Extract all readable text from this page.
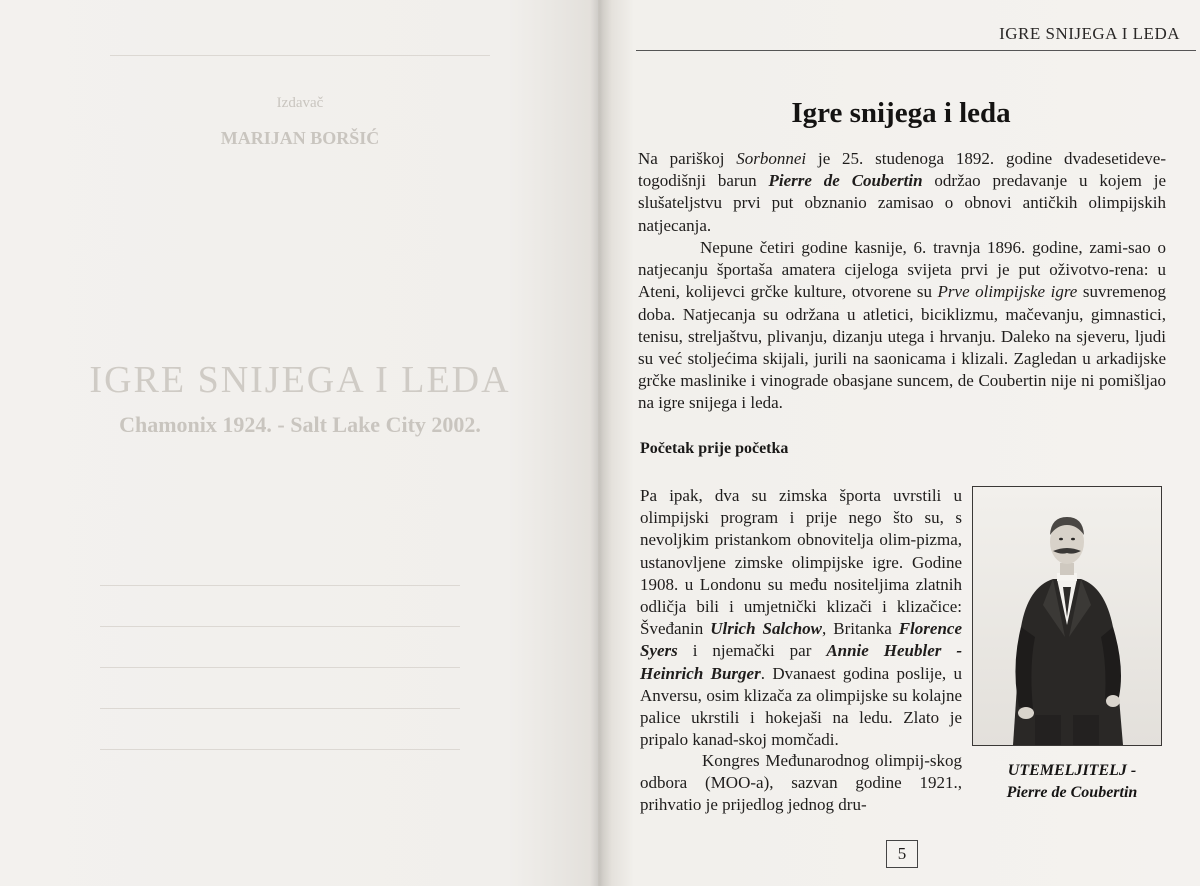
Izdavač
MARIJAN BORŠIĆ
IGRE SNIJEGA I LEDA
Chamonix 1924. - Salt Lake City 2002.
IGRE SNIJEGA I LEDA
Igre snijega i leda
Na pariškoj Sorbonnei je 25. studenoga 1892. godine dvadesetideve-togodišnji barun Pierre de Coubertin održao predavanje u kojem je slušateljstvu prvi put obznanio zamisao o obnovi antičkih olimpijskih natjecanja.
Nepune četiri godine kasnije, 6. travnja 1896. godine, zami-sao o natjecanju športaša amatera cijeloga svijeta prvi je put oživotvo-rena: u Ateni, kolijevci grčke kulture, otvorene su Prve olimpijske igre suvremenog doba. Natjecanja su održana u atletici, biciklizmu, mačevanju, gimnastici, tenisu, streljaštvu, plivanju, dizanju utega i hrvanju. Daleko na sjeveru, ljudi su već stoljećima skijali, jurili na saonicama i klizali. Zagledan u arkadijske grčke maslinike i vinograde obasjane suncem, de Coubertin nije ni pomišljao na igre snijega i leda.
Početak prije početka
Pa ipak, dva su zimska športa uvrstili u olimpijski program i prije nego što su, s nevoljkim pristankom obnovitelja olim-pizma, ustanovljene zimske olimpijske igre. Godine 1908. u Londonu su među nositeljima zlatnih odličja bili i umjetnički klizači i klizačice: Šveđanin Ulrich Salchow, Britanka Florence Syers i njemački par Annie Heubler - Heinrich Burger. Dvanaest godina poslije, u Anversu, osim klizača za olimpijske su kolajne palice ukrstili i hokejaši na ledu. Zlato je pripalo kanad-skoj momčadi.
Kongres Međunarodnog olimpij-skog odbora (MOO-a), sazvan godine 1921., prihvatio je prijedlog jednog dru-
UTEMELJITELJ -
Pierre de Coubertin
5
